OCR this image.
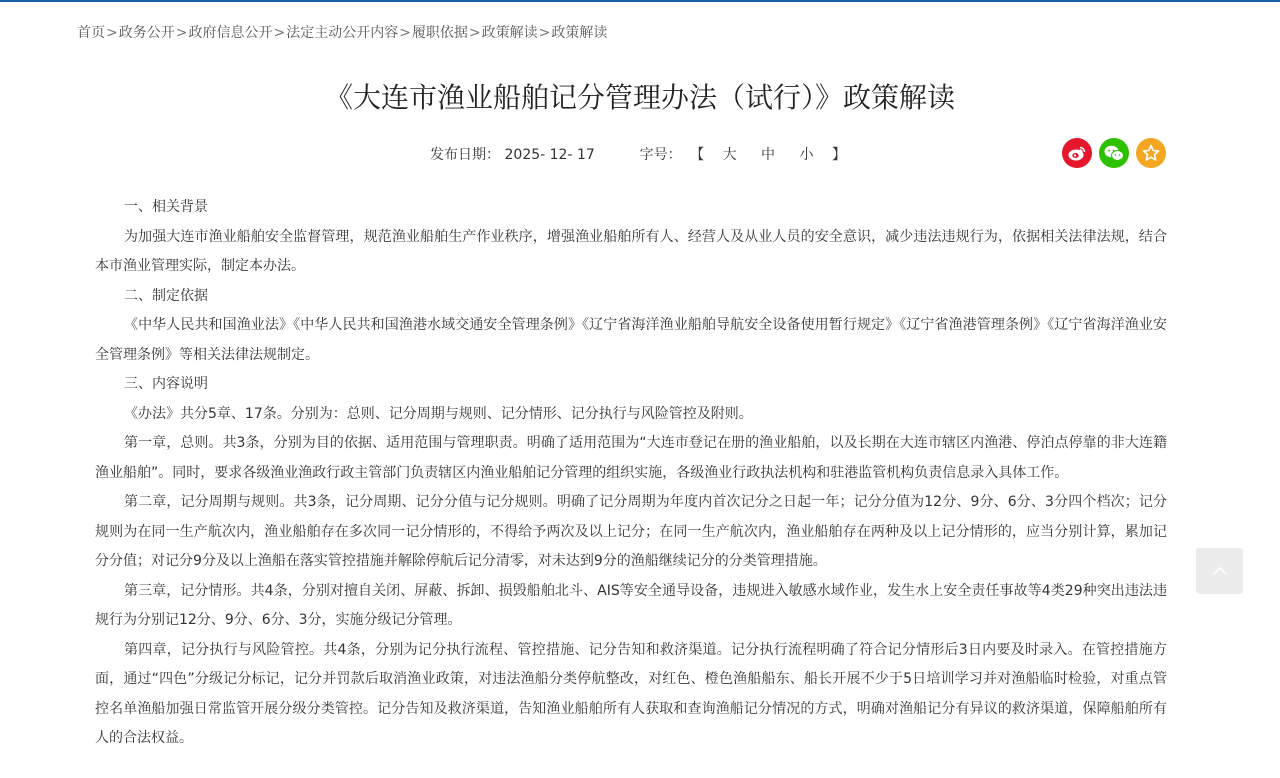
首页>政务公开>政府信息公开>法定主动公开内容>履职依据>政策解读>政策解读
《大连市渔业船舶记分管理办法（试行）》政策解读
发布日期： 2025- 12- 17	字号： 【 大 中 小 】

一、相关背景

为加强大连市渔业船舶安全监督管理，规范渔业船舶生产作业秩序，增强渔业船舶所有人、经营人及从业人员的安全意识，减少违法违规行为，依据相关法律法规，结合本市渔业管理实际，制定本办法。

二、制定依据

《中华人民共和国渔业法》《中华人民共和国渔港水域交通安全管理条例》《辽宁省海洋渔业船舶导航安全设备使用暂行规定》《辽宁省渔港管理条例》《辽宁省海洋渔业安全管理条例》等相关法律法规制定。

三、内容说明

《办法》共分5章、17条。分别为：总则、记分周期与规则、记分情形、记分执行与风险管控及附则。

第一章，总则。共3条，分别为目的依据、适用范围与管理职责。明确了适用范围为“大连市登记在册的渔业船舶，以及长期在大连市辖区内渔港、停泊点停靠的非大连籍渔业船舶”。同时，要求各级渔业渔政行政主管部门负责辖区内渔业船舶记分管理的组织实施，各级渔业行政执法机构和驻港监管机构负责信息录入具体工作。

第二章，记分周期与规则。共3条，记分周期、记分分值与记分规则。明确了记分周期为年度内首次记分之日起一年；记分分值为12分、9分、6分、3分四个档次；记分规则为在同一生产航次内，渔业船舶存在多次同一记分情形的，不得给予两次及以上记分；在同一生产航次内，渔业船舶存在两种及以上记分情形的，应当分别计算，累加记分分值；对记分9分及以上渔船在落实管控措施并解除停航后记分清零，对未达到9分的渔船继续记分的分类管理措施。

第三章，记分情形。共4条，分别对擅自关闭、屏蔽、拆卸、损毁船舶北斗、AIS等安全通导设备，违规进入敏感水域作业，发生水上安全责任事故等4类29种突出违法违规行为分别记12分、9分、6分、3分，实施分级记分管理。

第四章，记分执行与风险管控。共4条，分别为记分执行流程、管控措施、记分告知和救济渠道。记分执行流程明确了符合记分情形后3日内要及时录入。在管控措施方面，通过“四色”分级记分标记，记分并罚款后取消渔业政策，对违法渔船分类停航整改，对红色、橙色渔船船东、船长开展不少于5日培训学习并对渔船临时检验，对重点管控名单渔船加强日常监管开展分级分类管控。记分告知及救济渠道，告知渔业船舶所有人获取和查询渔船记分情况的方式，明确对渔船记分有异议的救济渠道，保障船舶所有人的合法权益。
